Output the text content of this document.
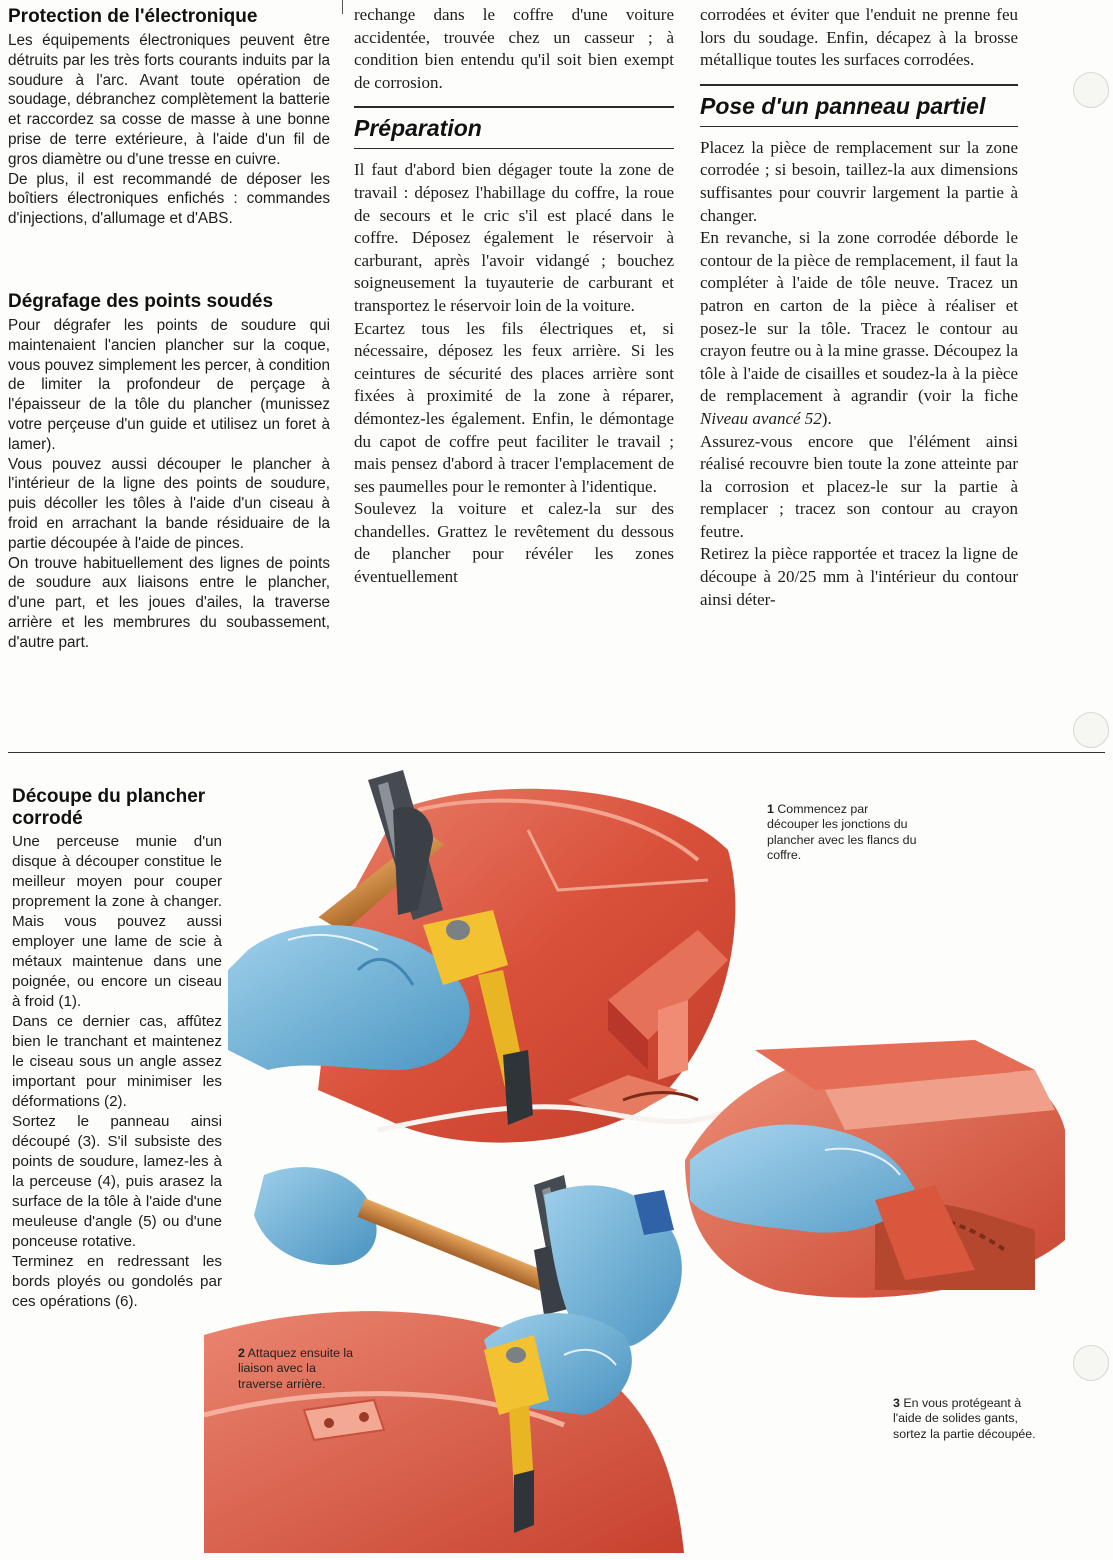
Protection de l'électronique

Les équipements électroniques peuvent être détruits par les très forts courants induits par la soudure à l'arc. Avant toute opération de soudage, débranchez complètement la batterie et raccordez sa cosse de masse à une bonne prise de terre extérieure, à l'aide d'un fil de gros diamètre ou d'une tresse en cuivre.

De plus, il est recommandé de déposer les boîtiers électroniques enfichés : commandes d'injections, d'allumage et d'ABS.

Dégrafage des points soudés

Pour dégrafer les points de soudure qui maintenaient l'ancien plancher sur la coque, vous pouvez simplement les percer, à condition de limiter la profondeur de perçage à l'épaisseur de la tôle du plancher (munissez votre perçeuse d'un guide et utilisez un foret à lamer).

Vous pouvez aussi découper le plancher à l'intérieur de la ligne des points de soudure, puis décoller les tôles à l'aide d'un ciseau à froid en arrachant la bande résiduaire de la partie découpée à l'aide de pinces.

On trouve habituellement des lignes de points de soudure aux liaisons entre le plancher, d'une part, et les joues d'ailes, la traverse arrière et les membrures du soubassement, d'autre part.

rechange dans le coffre d'une voiture accidentée, trouvée chez un casseur ; à condition bien entendu qu'il soit bien exempt de corrosion.

Préparation

Il faut d'abord bien dégager toute la zone de travail : déposez l'habillage du coffre, la roue de secours et le cric s'il est placé dans le coffre. Déposez également le réservoir à carburant, après l'avoir vidangé ; bouchez soigneusement la tuyauterie de carburant et transportez le réservoir loin de la voiture.

Ecartez tous les fils électriques et, si nécessaire, déposez les feux arrière. Si les ceintures de sécurité des places arrière sont fixées à proximité de la zone à réparer, démontez-les également. Enfin, le démontage du capot de coffre peut faciliter le travail ; mais pensez d'abord à tracer l'emplacement de ses paumelles pour le remonter à l'identique.

Soulevez la voiture et calez-la sur des chandelles. Grattez le revêtement du dessous de plancher pour révéler les zones éventuellement

corrodées et éviter que l'enduit ne prenne feu lors du soudage. Enfin, décapez à la brosse métallique toutes les surfaces corrodées.

Pose d'un panneau partiel

Placez la pièce de remplacement sur la zone corrodée ; si besoin, taillez-la aux dimensions suffisantes pour couvrir largement la partie à changer.

En revanche, si la zone corrodée déborde le contour de la pièce de remplacement, il faut la compléter à l'aide de tôle neuve. Tracez un patron en carton de la pièce à réaliser et posez-le sur la tôle. Tracez le contour au crayon feutre ou à la mine grasse. Découpez la tôle à l'aide de cisailles et soudez-la à la pièce de remplacement à agrandir (voir la fiche Niveau avancé 52).

Assurez-vous encore que l'élément ainsi réalisé recouvre bien toute la zone atteinte par la corrosion et placez-le sur la partie à remplacer ; tracez son contour au crayon feutre.

Retirez la pièce rapportée et tracez la ligne de découpe à 20/25 mm à l'intérieur du contour ainsi déter-

Découpe du plancher corrodé

Une perceuse munie d'un disque à découper constitue le meilleur moyen pour couper proprement la zone à changer. Mais vous pouvez aussi employer une lame de scie à métaux maintenue dans une poignée, ou encore un ciseau à froid (1).

Dans ce dernier cas, affûtez bien le tranchant et maintenez le ciseau sous un angle assez important pour minimiser les déformations (2).

Sortez le panneau ainsi découpé (3). S'il subsiste des points de soudure, lamez-les à la perceuse (4), puis arasez la surface de la tôle à l'aide d'une meuleuse d'angle (5) ou d'une ponceuse rotative.

Terminez en redressant les bords ployés ou gondolés par ces opérations (6).

1 Commencez par découper les jonctions du plancher avec les flancs du coffre.
2 Attaquez ensuite la liaison avec la traverse arrière.
3 En vous protégeant à l'aide de solides gants, sortez la partie découpée.
